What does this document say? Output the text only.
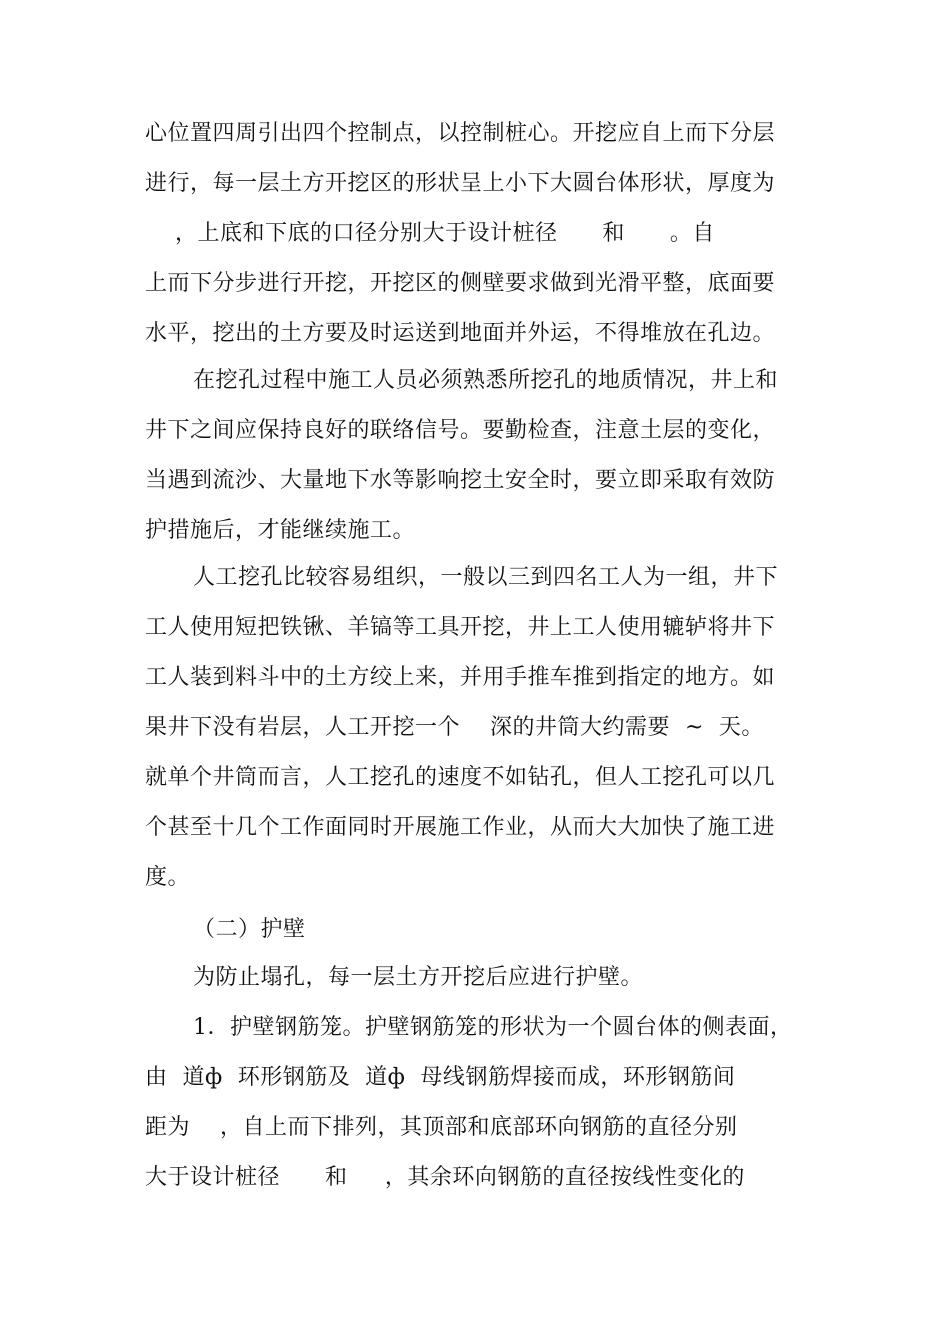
心位置四周引出四个控制点，以控制桩心。开挖应自上而下分层
进行，每一层土方开挖区的形状呈上小下大圆台体形状，厚度为
，上底和下底的口径分别大于设计桩径      和      。自
上而下分步进行开挖，开挖区的侧壁要求做到光滑平整，底面要
水平，挖出的土方要及时运送到地面并外运，不得堆放在孔边。
在挖孔过程中施工人员必须熟悉所挖孔的地质情况，井上和
井下之间应保持良好的联络信号。要勤检查，注意土层的变化，
当遇到流沙、大量地下水等影响挖土安全时，要立即采取有效防
护措施后，才能继续施工。
人工挖孔比较容易组织，一般以三到四名工人为一组，井下
工人使用短把铁锹、羊镐等工具开挖，井上工人使用辘轳将井下
工人装到料斗中的土方绞上来，并用手推车推到指定的地方。如
果井下没有岩层，人工开挖一个    深的井筒大约需要  ~  天。
就单个井筒而言，人工挖孔的速度不如钻孔，但人工挖孔可以几
个甚至十几个工作面同时开展施工作业，从而大大加快了施工进
度。
（二）护壁
为防止塌孔，每一层土方开挖后应进行护壁。
1．护壁钢筋笼。护壁钢筋笼的形状为一个圆台体的侧表面，
由  道ф  环形钢筋及  道ф  母线钢筋焊接而成，环形钢筋间
距为    ，自上而下排列，其顶部和底部环向钢筋的直径分别
大于设计桩径      和     ，其余环向钢筋的直径按线性变化的
